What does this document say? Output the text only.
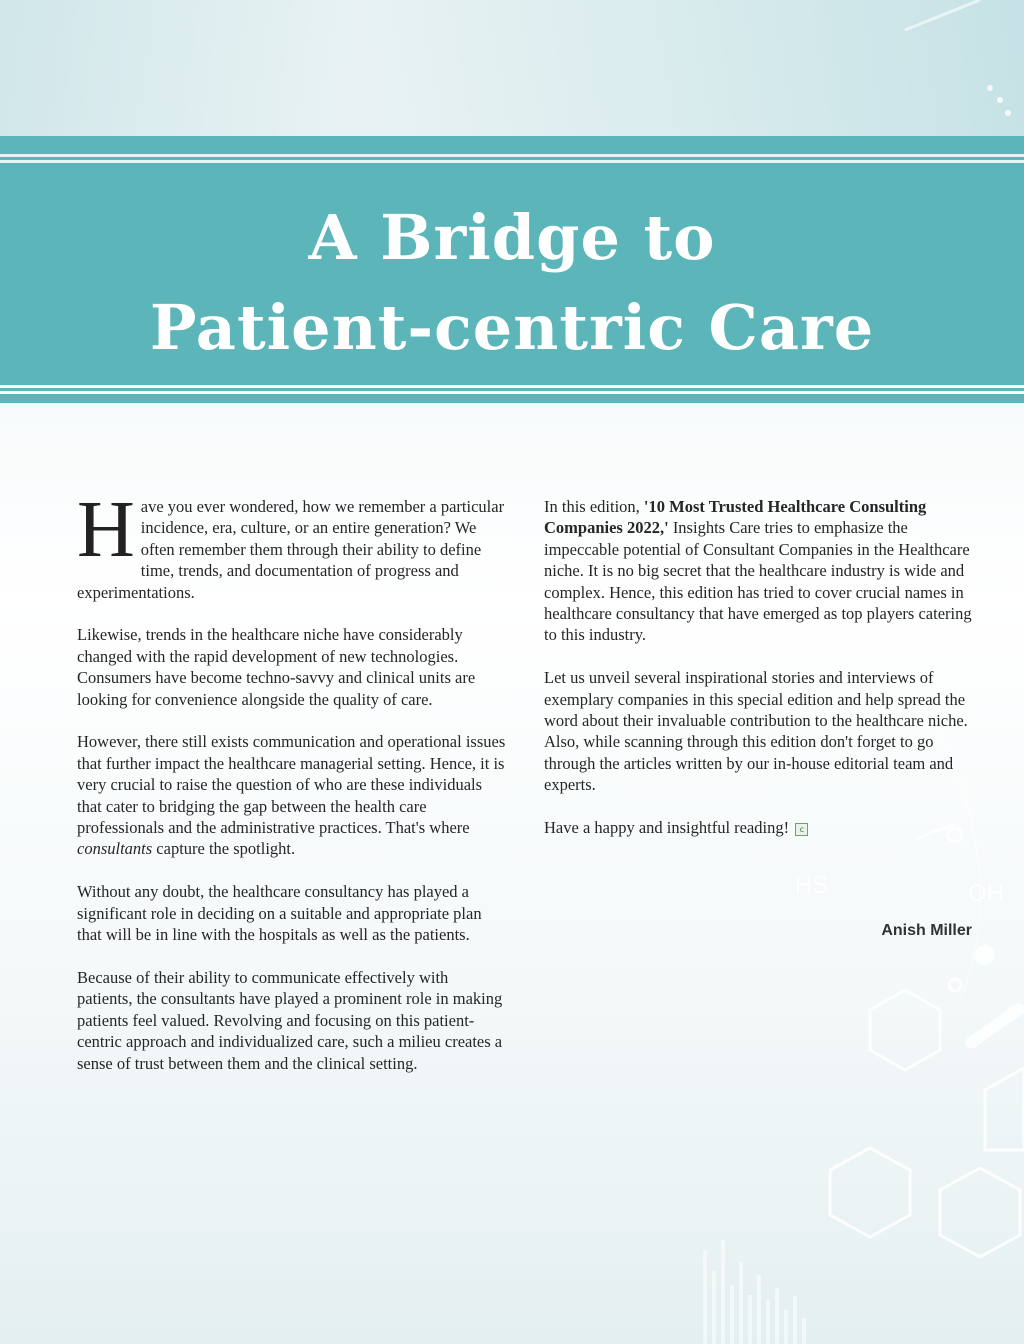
A Bridge to
Patient-centric Care

Have you ever wondered, how we remember a particular incidence, era, culture, or an entire generation? We often remember them through their ability to define time, trends, and documentation of progress and experimentations.

Likewise, trends in the healthcare niche have considerably changed with the rapid development of new technologies. Consumers have become techno-savvy and clinical units are looking for convenience alongside the quality of care.

However, there still exists communication and operational issues that further impact the healthcare managerial setting. Hence, it is very crucial to raise the question of who are these individuals that cater to bridging the gap between the health care professionals and the administrative practices. That's where consultants capture the spotlight.

Without any doubt, the healthcare consultancy has played a significant role in deciding on a suitable and appropriate plan that will be in line with the hospitals as well as the patients.

Because of their ability to communicate effectively with patients, the consultants have played a prominent role in making patients feel valued. Revolving and focusing on this patient-centric approach and individualized care, such a milieu creates a sense of trust between them and the clinical setting.

In this edition, '10 Most Trusted Healthcare Consulting Companies 2022,' Insights Care tries to emphasize the impeccable potential of Consultant Companies in the Healthcare niche. It is no big secret that the healthcare industry is wide and complex. Hence, this edition has tried to cover crucial names in healthcare consultancy that have emerged as top players catering to this industry.

Let us unveil several inspirational stories and interviews of exemplary companies in this special edition and help spread the word about their invaluable contribution to the healthcare niche. Also, while scanning through this edition don't forget to go through the articles written by our in-house editorial team and experts.

Have a happy and insightful reading! c

HS	OH
Anish Miller
